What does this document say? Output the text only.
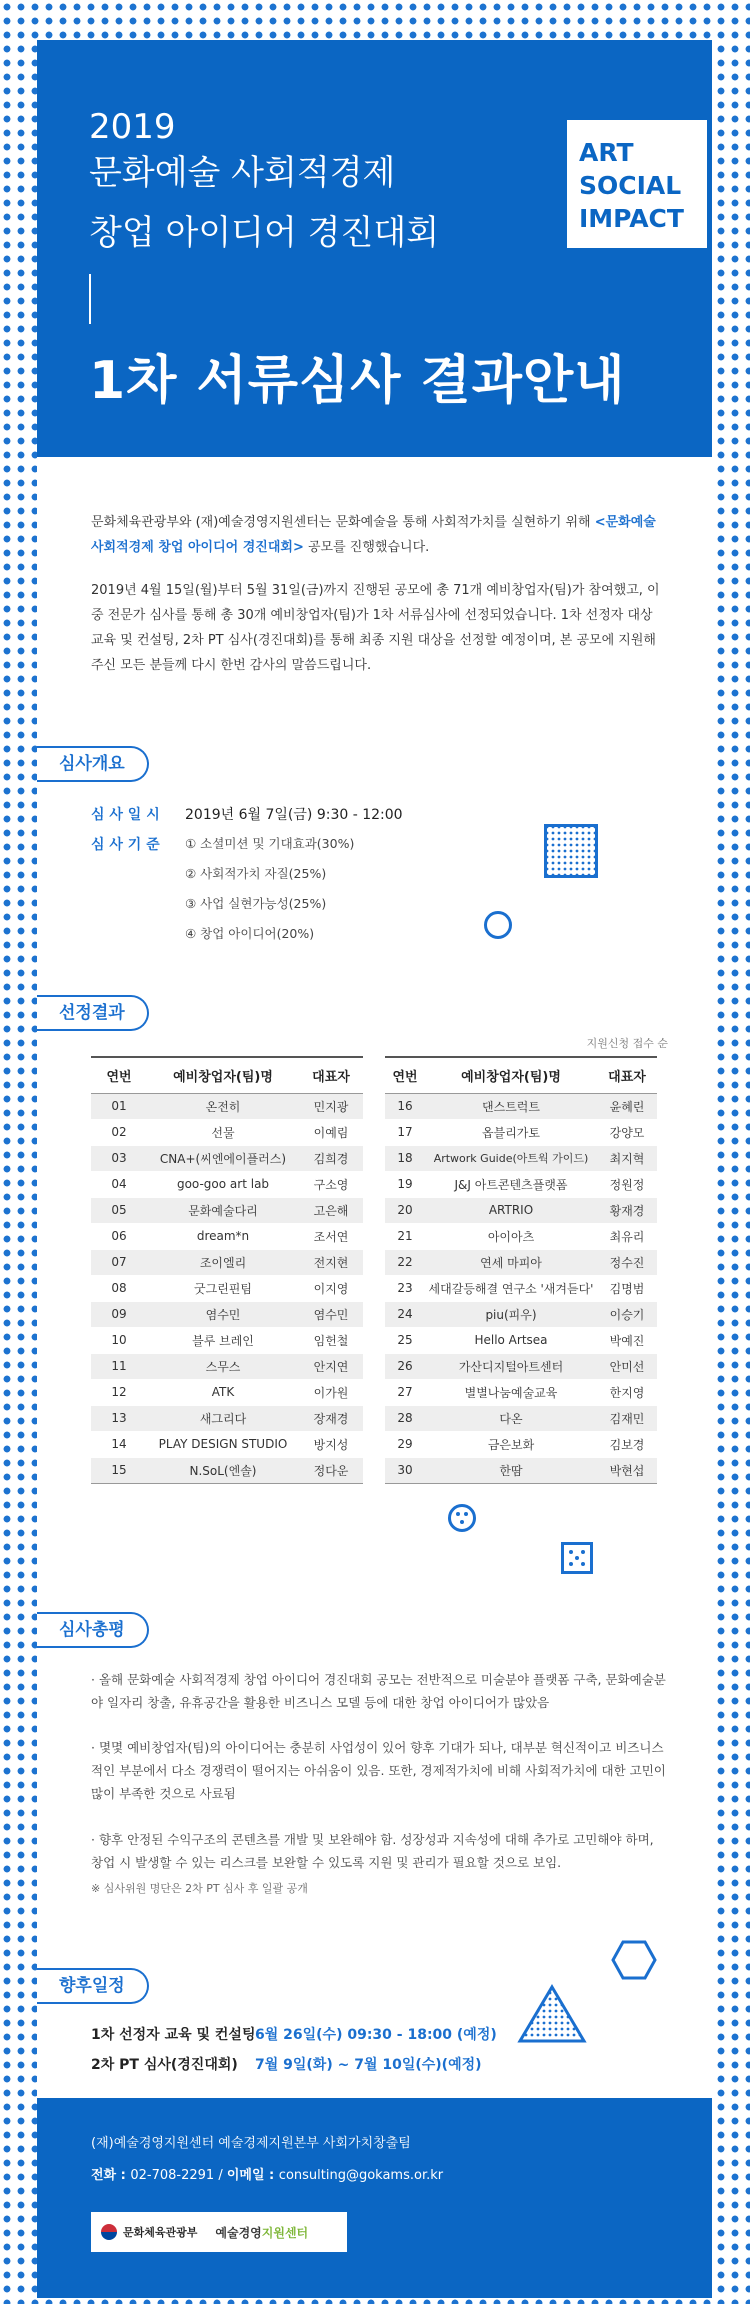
2019
문화예술 사회적경제
창업 아이디어 경진대회
1차 서류심사 결과안내
ART
SOCIAL
IMPACT

문화체육관광부와 (재)예술경영지원센터는 문화예술을 통해 사회적가치를 실현하기 위해 <문화예술 사회적경제 창업 아이디어 경진대회> 공모를 진행했습니다.

2019년 4월 15일(월)부터 5월 31일(금)까지 진행된 공모에 총 71개 예비창업자(팀)가 참여했고, 이중 전문가 심사를 통해 총 30개 예비창업자(팀)가 1차 서류심사에 선정되었습니다. 1차 선정자 대상 교육 및 컨설팅, 2차 PT 심사(경진대회)를 통해 최종 지원 대상을 선정할 예정이며, 본 공모에 지원해 주신 모든 분들께 다시 한번 감사의 말씀드립니다.

심사개요
심 사 일 시 2019년 6월 7일(금) 9:30 - 12:00
심 사 기 준 ① 소셜미션 및 기대효과(30%)
② 사회적가치 자질(25%)
③ 사업 실현가능성(25%)
④ 창업 아이디어(20%)
선정결과
지원신청 접수 순
연번	예비창업자(팀)명	대표자
01	온전히	민지광
02	선물	이예림
03	CNA+(씨엔에이플러스)	김희경
04	goo-goo art lab	구소영
05	문화예술다리	고은해
06	dream*n	조서연
07	조이엘리	전지현
08	굿그린핀팀	이지영
09	염수민	염수민
10	블루 브레인	임헌철
11	스무스	안지연
12	ATK	이가원
13	새그리다	장재경
14	PLAY DESIGN STUDIO	방지성
15	N.SoL(엔솔)	정다운
연번	예비창업자(팀)명	대표자
16	댄스트럭트	윤혜린
17	옵블리가토	강양모
18	Artwork Guide(아트웍 가이드)	최지혁
19	J&J 아트콘텐츠플랫폼	정원정
20	ARTRIO	황재경
21	아이아츠	최유리
22	연세 마피아	정수진
23	세대갈등해결 연구소 '새겨듣다'	김명범
24	piu(피우)	이승기
25	Hello Artsea	박예진
26	가산디지털아트센터	안미선
27	별별나눔예술교육	한지영
28	다온	김재민
29	금은보화	김보경
30	한땀	박현섭
심사총평
· 올해 문화예술 사회적경제 창업 아이디어 경진대회 공모는 전반적으로 미술분야 플랫폼 구축, 문화예술분야 일자리 창출, 유휴공간을 활용한 비즈니스 모델 등에 대한 창업 아이디어가 많았음
· 몇몇 예비창업자(팀)의 아이디어는 충분히 사업성이 있어 향후 기대가 되나, 대부분 혁신적이고 비즈니스적인 부분에서 다소 경쟁력이 떨어지는 아쉬움이 있음. 또한, 경제적가치에 비해 사회적가치에 대한 고민이 많이 부족한 것으로 사료됨
· 향후 안정된 수익구조의 콘텐츠를 개발 및 보완해야 함. 성장성과 지속성에 대해 추가로 고민해야 하며, 창업 시 발생할 수 있는 리스크를 보완할 수 있도록 지원 및 관리가 필요할 것으로 보임.
※ 심사위원 명단은 2차 PT 심사 후 일괄 공개
향후일정
1차 선정자 교육 및 컨설팅 6월 26일(수) 09:30 - 18:00 (예정)
2차 PT 심사(경진대회) 7월 9일(화) ~ 7월 10일(수)(예정)
(재)예술경영지원센터 예술경제지원본부 사회가치창출팀
전화 : 02-708-2291 / 이메일 : consulting@gokams.or.kr
문화체육관광부 예술경영지원센터
